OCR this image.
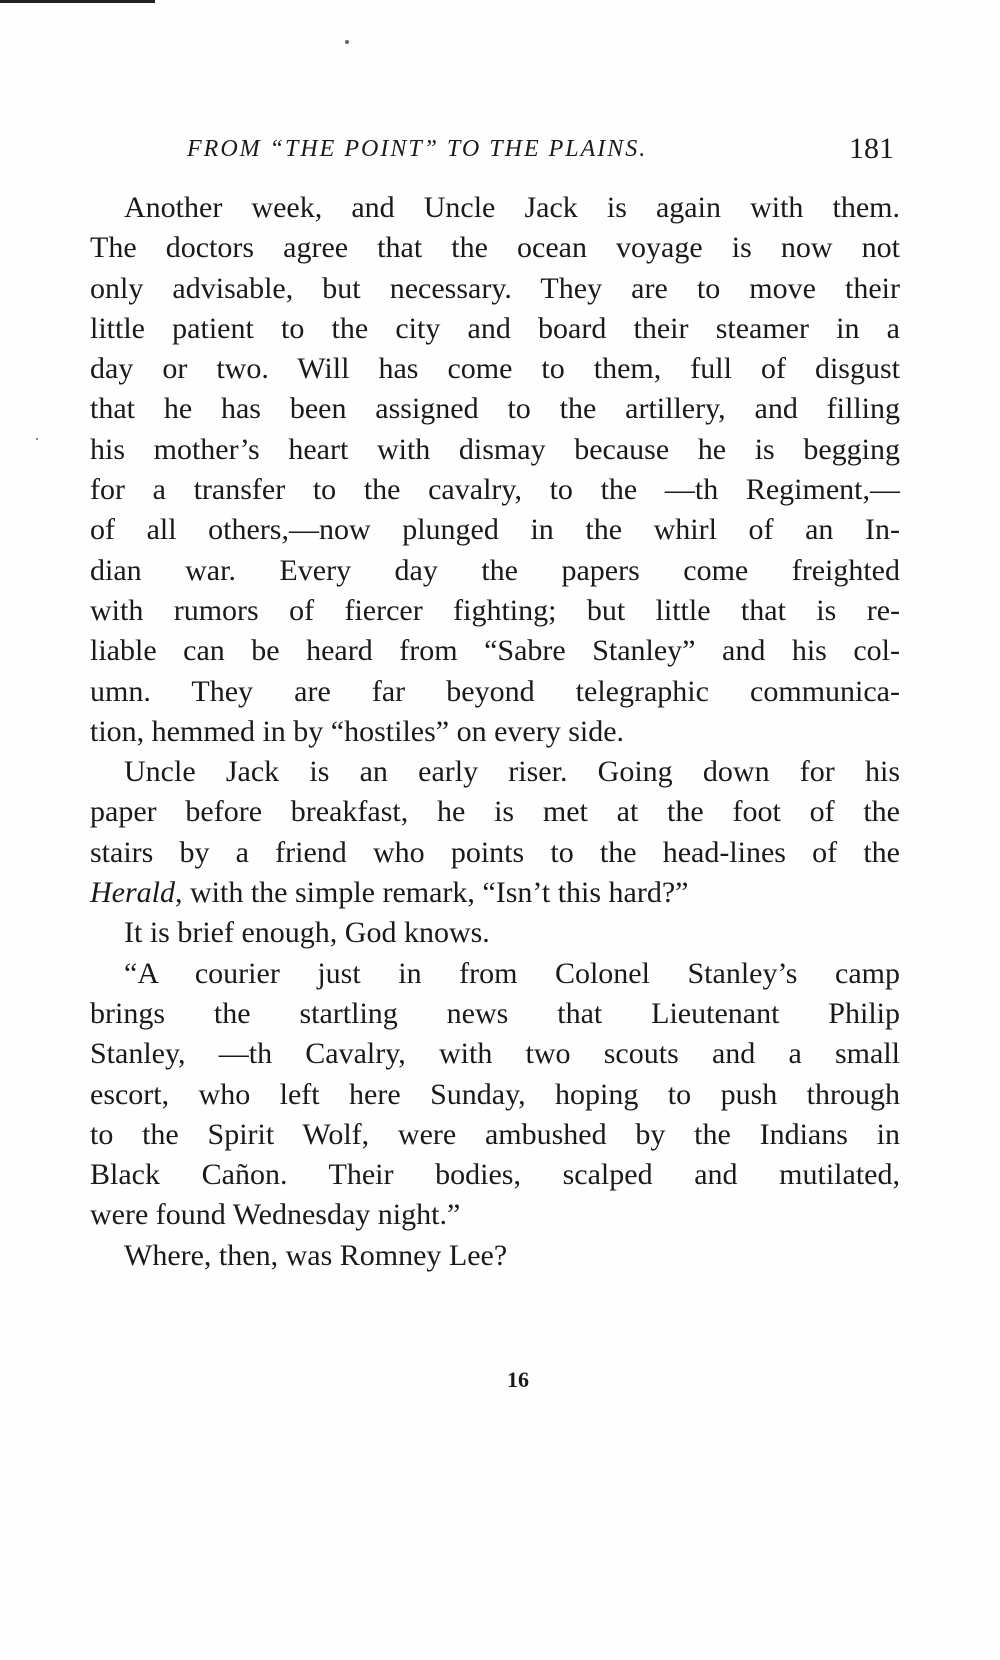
FROM “THE POINT” TO THE PLAINS.	181
Another week, and Uncle Jack is again with them.
The doctors agree that the ocean voyage is now not
only advisable, but necessary. They are to move their
little patient to the city and board their steamer in a
day or two. Will has come to them, full of disgust
that he has been assigned to the artillery, and filling
his mother’s heart with dismay because he is begging
for a transfer to the cavalry, to the —th Regiment,—
of all others,—now plunged in the whirl of an In-
dian war. Every day the papers come freighted
with rumors of fiercer fighting; but little that is re-
liable can be heard from “Sabre Stanley” and his col-
umn. They are far beyond telegraphic communica-
tion, hemmed in by “hostiles” on every side.
Uncle Jack is an early riser. Going down for his
paper before breakfast, he is met at the foot of the
stairs by a friend who points to the head-lines of the
Herald, with the simple remark, “Isn’t this hard?”
It is brief enough, God knows.
“A courier just in from Colonel Stanley’s camp
brings the startling news that Lieutenant Philip
Stanley, —th Cavalry, with two scouts and a small
escort, who left here Sunday, hoping to push through
to the Spirit Wolf, were ambushed by the Indians in
Black Cañon. Their bodies, scalped and mutilated,
were found Wednesday night.”
Where, then, was Romney Lee?
16
